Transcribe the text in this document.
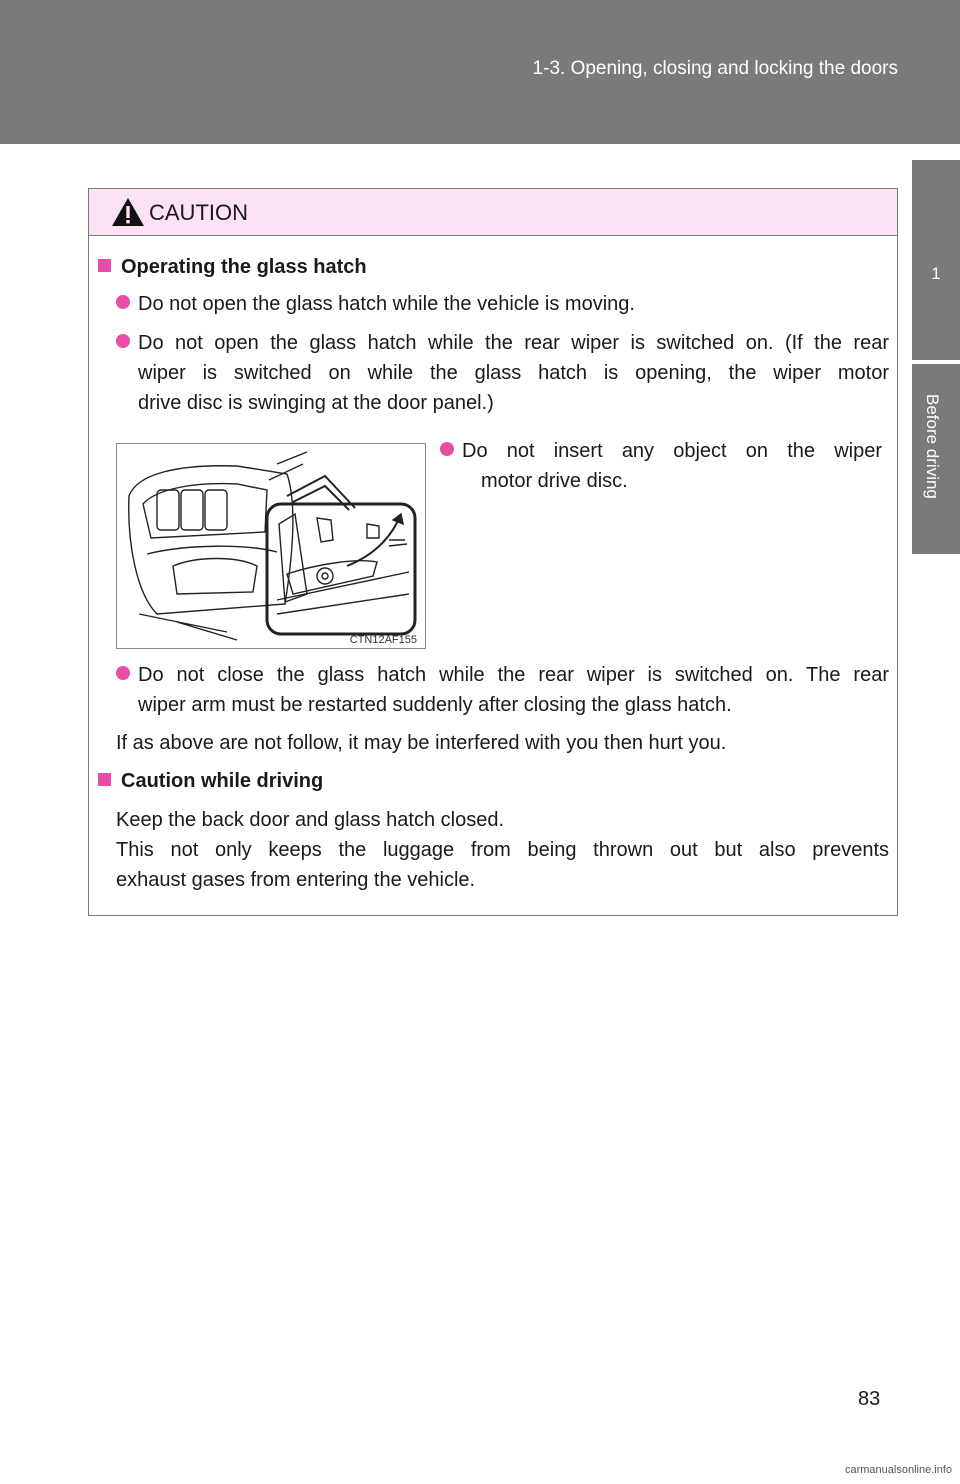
1-3. Opening, closing and locking the doors
1
Before driving
CAUTION
Operating the glass hatch
Do not open the glass hatch while the vehicle is moving.
Do not open the glass hatch while the rear wiper is switched on. (If the rear
wiper is switched on while the glass hatch is opening, the wiper motor
drive disc is swinging at the door panel.)
CTN12AF155
Do not insert any object on the wiper
motor drive disc.
Do not close the glass hatch while the rear wiper is switched on. The rear
wiper arm must be restarted suddenly after closing the glass hatch.
If as above are not follow, it may be interfered with you then hurt you.
Caution while driving
Keep the back door and glass hatch closed.
This not only keeps the luggage from being thrown out but also prevents
exhaust gases from entering the vehicle.
83
carmanualsonline.info
